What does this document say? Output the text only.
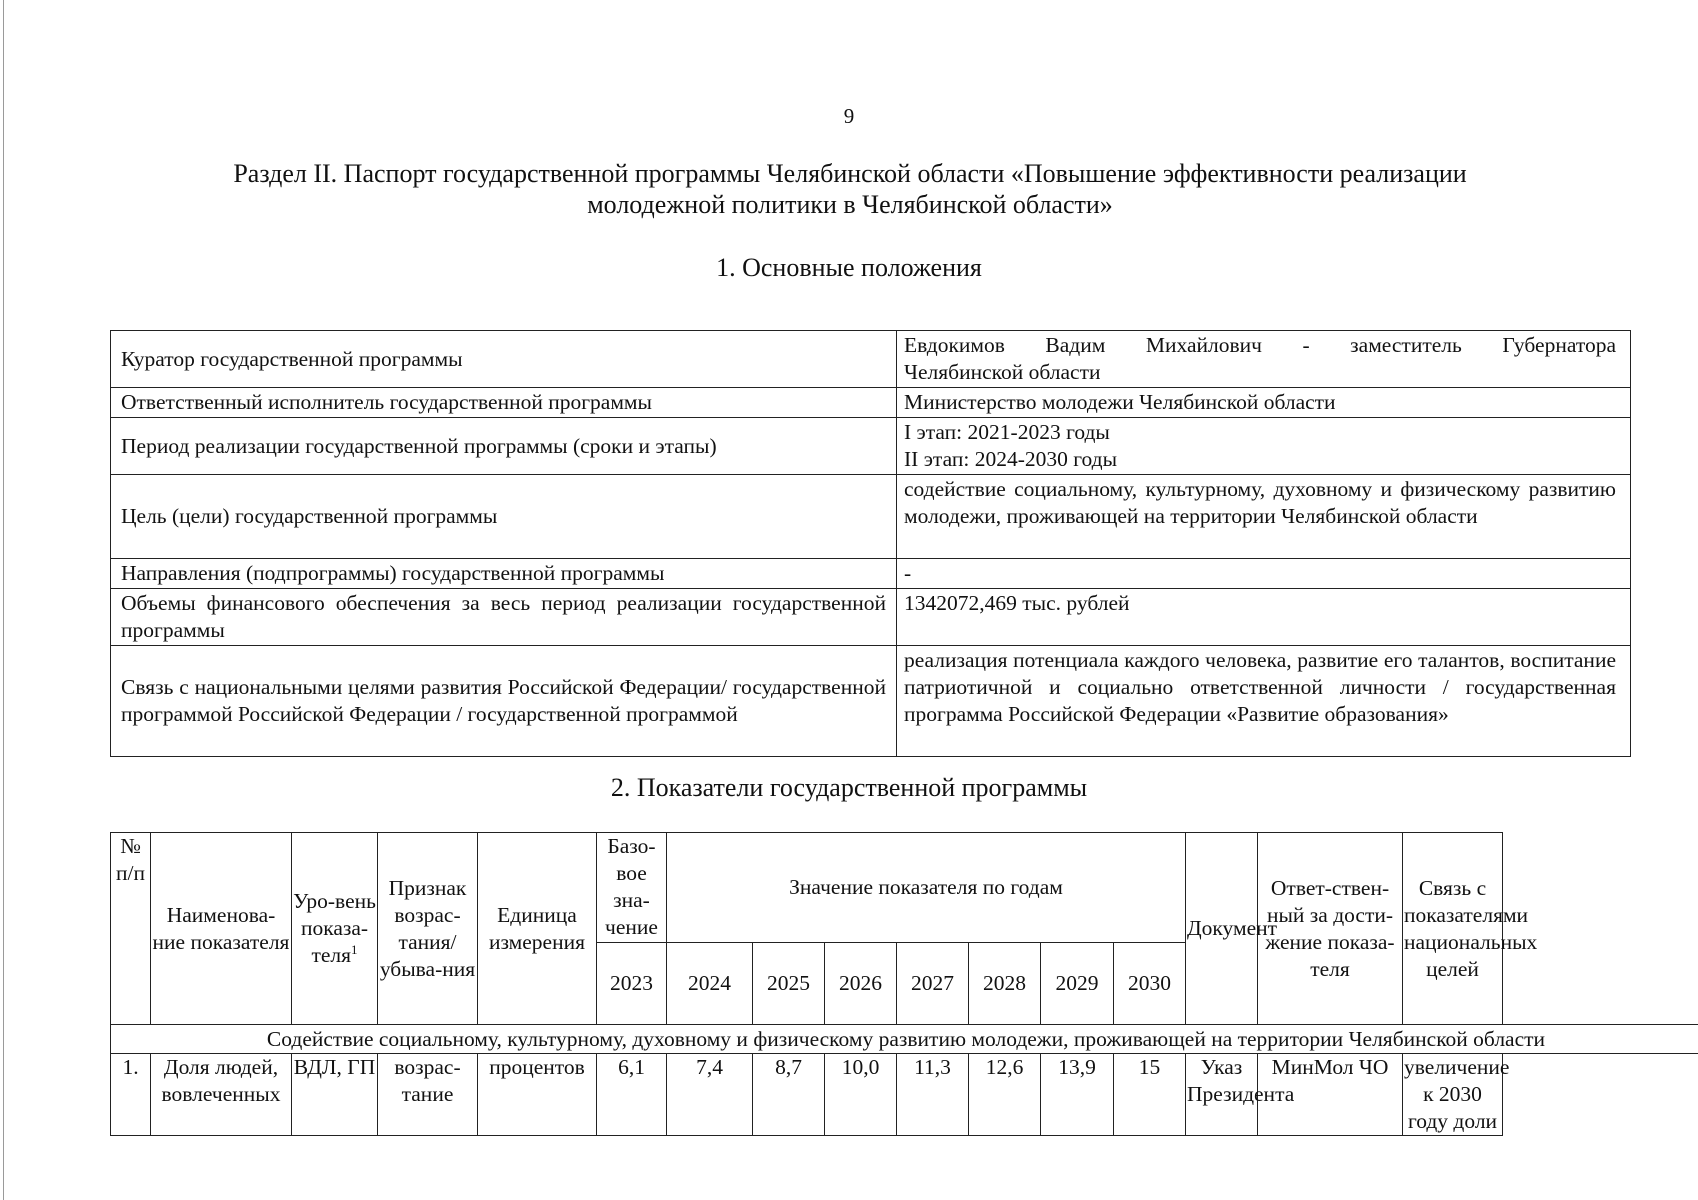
9
Раздел II. Паспорт государственной программы Челябинской области «Повышение эффективности реализации
молодежной политики в Челябинской области»
1. Основные положения
Куратор государственной программы	Евдокимов Вадим Михайлович - заместитель Губернатора
Челябинской области

Ответственный исполнитель государственной программы	Министерство молодежи Челябинской области

Период реализации государственной программы (сроки и этапы)	I этап: 2021-2023 годы
II этап: 2024-2030 годы

Цель (цели) государственной программы	содействие социальному, культурному, духовному и физическому развитию молодежи, проживающей на территории Челябинской области

Направления (подпрограммы) государственной программы	-

Объемы финансового обеспечения за весь период реализации государственной программы	1342072,469 тыс. рублей

Связь с национальными целями развития Российской Федерации/ государственной программой Российской Федерации / государственной программой	реализация потенциала каждого человека, развитие его талантов, воспитание патриотичной и социально ответственной личности / государственная программа Российской Федерации «Развитие образования»
2. Показатели государственной программы
№ п/п	Наименова-ние показателя	Уро-вень показа-теля$^1$	Признак возрас-тания/ убыва-ния	Единица измерения	Базо-вое зна-чение	Значение показателя по годам							Документ	Ответ-ствен-ный за дости-жение показа-теля	Связь с показателями национальных целей
					2023	2024	2025	2026	2027	2028	2029	2030			
Содействие социальному, культурному, духовному и физическому развитию молодежи, проживающей на территории Челябинской области															
1.	Доля людей, вовлеченных	ВДЛ, ГП	возрас-тание	процентов	6,1	7,4	8,7	10,0	11,3	12,6	13,9	15	Указ Президента	МинМол ЧО	увеличение к 2030 году доли
